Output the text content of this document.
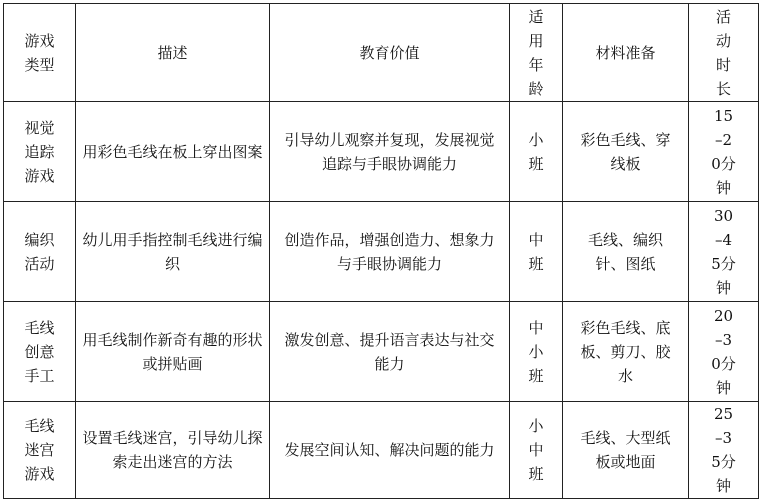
游戏类型	描述	教育价值	适用年龄	材料准备	活动时长
视觉追踪游戏	用彩色毛线在板上穿出图案	引导幼儿观察并复现，发展视觉追踪与手眼协调能力	小班	彩色毛线、穿线板	15–20分钟
编织活动	幼儿用手指控制毛线进行编织	创造作品，增强创造力、想象力与手眼协调能力	中班	毛线、编织针、图纸	30–45分钟
毛线创意手工	用毛线制作新奇有趣的形状或拼贴画	激发创意、提升语言表达与社交能力	中小班	彩色毛线、底板、剪刀、胶水	20–30分钟
毛线迷宫游戏	设置毛线迷宫，引导幼儿探索走出迷宫的方法	发展空间认知、解决问题的能力	小中班	毛线、大型纸板或地面	25–35分钟
